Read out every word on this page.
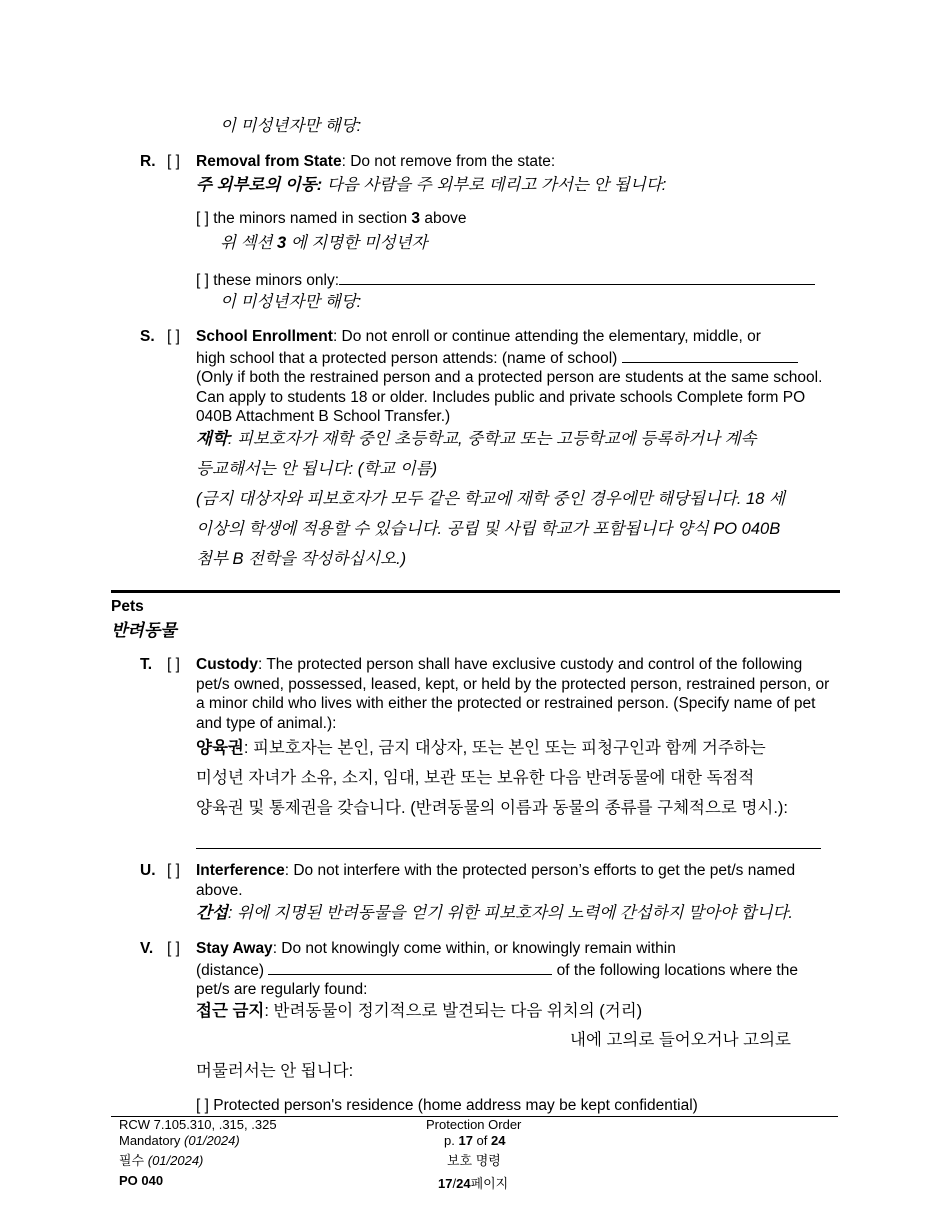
이 미성년자만 해당:
R. [ ] Removal from State: Do not remove from the state:
주 외부로의 이동: 다음 사람을 주 외부로 데리고 가서는 안 됩니다:
[ ] the minors named in section 3 above
위 섹션 3 에 지명한 미성년자
[ ] these minors only:
이 미성년자만 해당:
S. [ ] School Enrollment: Do not enroll or continue attending the elementary, middle, or
high school that a protected person attends: (name of school)
(Only if both the restrained person and a protected person are students at the same school. Can apply to students 18 or older. Includes public and private schools Complete form PO 040B Attachment B School Transfer.)
재학: 피보호자가 재학 중인 초등학교, 중학교 또는 고등학교에 등록하거나 계속
등교해서는 안 됩니다: (학교 이름)
(금지 대상자와 피보호자가 모두 같은 학교에 재학 중인 경우에만 해당됩니다. 18 세
이상의 학생에 적용할 수 있습니다. 공립 및 사립 학교가 포함됩니다 양식 PO 040B
첨부 B 전학을 작성하십시오.)
Pets
반려동물
T. [ ] Custody: The protected person shall have exclusive custody and control of the following pet/s owned, possessed, leased, kept, or held by the protected person, restrained person, or a minor child who lives with either the protected or restrained person. (Specify name of pet and type of animal.):
양육권: 피보호자는 본인, 금지 대상자, 또는 본인 또는 피청구인과 함께 거주하는
미성년 자녀가 소유, 소지, 임대, 보관 또는 보유한 다음 반려동물에 대한 독점적
양육권 및 통제권을 갖습니다. (반려동물의 이름과 동물의 종류를 구체적으로 명시.):
U. [ ] Interference: Do not interfere with the protected person’s efforts to get the pet/s named above.
간섭: 위에 지명된 반려동물을 얻기 위한 피보호자의 노력에 간섭하지 말아야 합니다.
V. [ ] Stay Away: Do not knowingly come within, or knowingly remain within
(distance)	of the following locations where the
pet/s are regularly found:
접근 금지: 반려동물이 정기적으로 발견되는 다음 위치의 (거리)
내에 고의로 들어오거나 고의로
머물러서는 안 됩니다:
[ ] Protected person's residence (home address may be kept confidential)
RCW 7.105.310, .315, .325
Mandatory (01/2024)
필수 (01/2024)
PO 040
Protection Order
p. 17 of 24
보호 명령
17/24페이지
